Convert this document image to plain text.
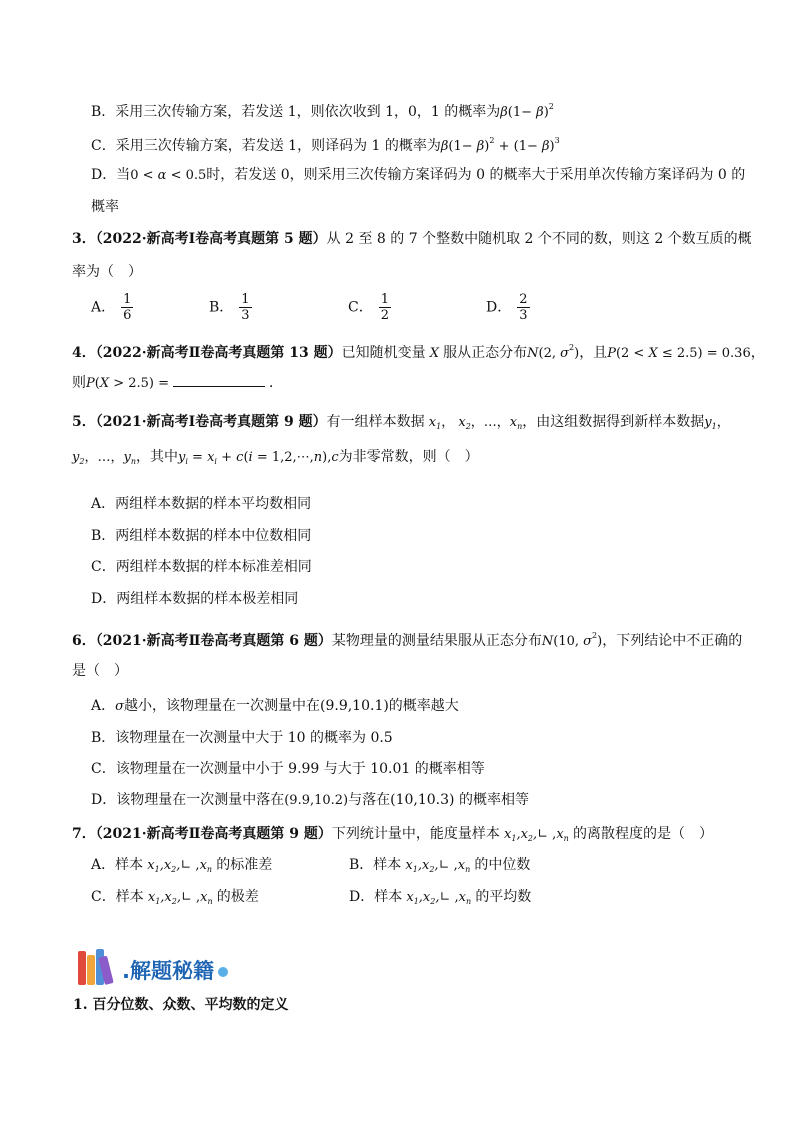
B．采用三次传输方案，若发送 1，则依次收到 1，0，1 的概率为$\beta(1- \beta)^2$
C．采用三次传输方案，若发送 1，则译码为 1 的概率为$\beta(1- \beta)^2 + (1- \beta)^3$
D．当0 < α < 0.5时，若发送 0，则采用三次传输方案译码为 0 的概率大于采用单次传输方案译码为 0 的
概率
3．（2022·新高考Ⅰ卷高考真题第 5 题）从 2 至 8 的 7 个整数中随机取 2 个不同的数，则这 2 个数互质的概
率为（　）
A． $\frac{1}{6}$	B． $\frac{1}{3}$	C． $\frac{1}{2}$	D． $\frac{2}{3}$
4．（2022·新高考Ⅱ卷高考真题第 13 题）已知随机变量 X 服从正态分布N(2, $\sigma^2$)，且P(2 < X ≤ 2.5) = 0.36，
则P(X > 2.5) =	．
5．（2021·新高考Ⅰ卷高考真题第 9 题）有一组样本数据 $x_1$， $x_2$，…，$x_n$，由这组数据得到新样本数据$y_1$，
$y_2$，…，$y_n$，其中$y_i = x_i + c(i$ = 1,2,⋯,n),c为非零常数，则（　）
A．两组样本数据的样本平均数相同
B．两组样本数据的样本中位数相同
C．两组样本数据的样本标准差相同
D．两组样本数据的样本极差相同
6．（2021·新高考Ⅱ卷高考真题第 6 题）某物理量的测量结果服从正态分布N(10, $\sigma^2$)，下列结论中不正确的
是（　）
A．σ越小，该物理量在一次测量中在(9.9,10.1)的概率越大
B．该物理量在一次测量中大于 10 的概率为 0.5
C．该物理量在一次测量中小于 9.99 与大于 10.01 的概率相等
D．该物理量在一次测量中落在(9.9,10.2)与落在(10,10.3) 的概率相等
7．（2021·新高考Ⅱ卷高考真题第 9 题）下列统计量中，能度量样本 $x_1,x_2,∟$ $,x_n$ 的离散程度的是（　）
A．样本 $x_1,x_2,∟$ $,x_n$ 的标准差	B．样本 $x_1,x_2,∟$ $,x_n$ 的中位数
C．样本 $x_1,x_2,∟$ $,x_n$ 的极差	D．样本 $x_1,x_2,∟$ $,x_n$ 的平均数
.解题秘籍
1. 百分位数、众数、平均数的定义
